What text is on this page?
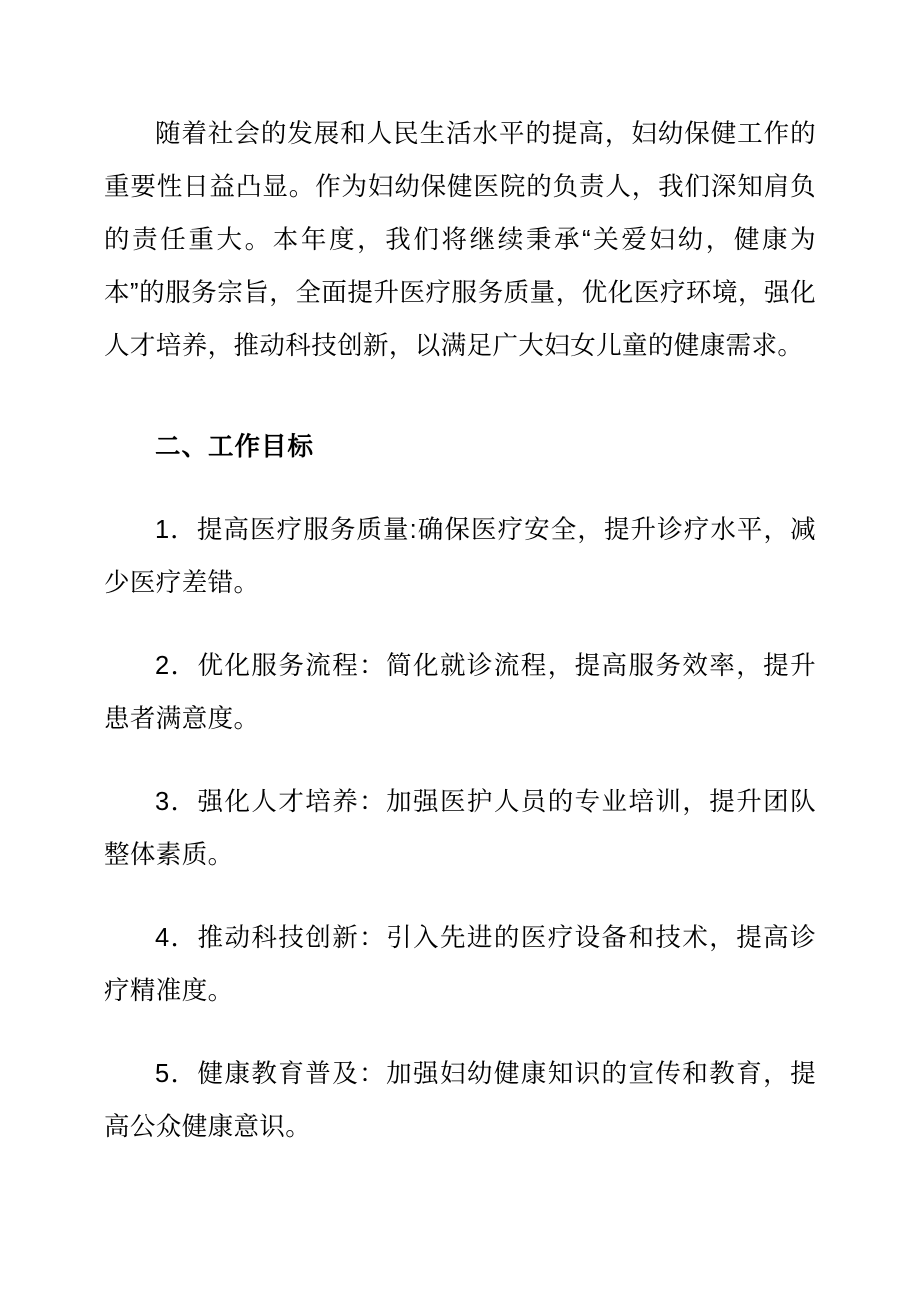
随着社会的发展和人民生活水平的提高，妇幼保健工作的重要性日益凸显。作为妇幼保健医院的负责人，我们深知肩负的责任重大。本年度，我们将继续秉承“关爱妇幼，健康为本”的服务宗旨，全面提升医疗服务质量，优化医疗环境，强化人才培养，推动科技创新，以满足广大妇女儿童的健康需求。

二、工作目标

1．提高医疗服务质量:确保医疗安全，提升诊疗水平，减少医疗差错。

2．优化服务流程：简化就诊流程，提高服务效率，提升患者满意度。

3．强化人才培养：加强医护人员的专业培训，提升团队整体素质。

4．推动科技创新：引入先进的医疗设备和技术，提高诊疗精准度。

5．健康教育普及：加强妇幼健康知识的宣传和教育，提高公众健康意识。
